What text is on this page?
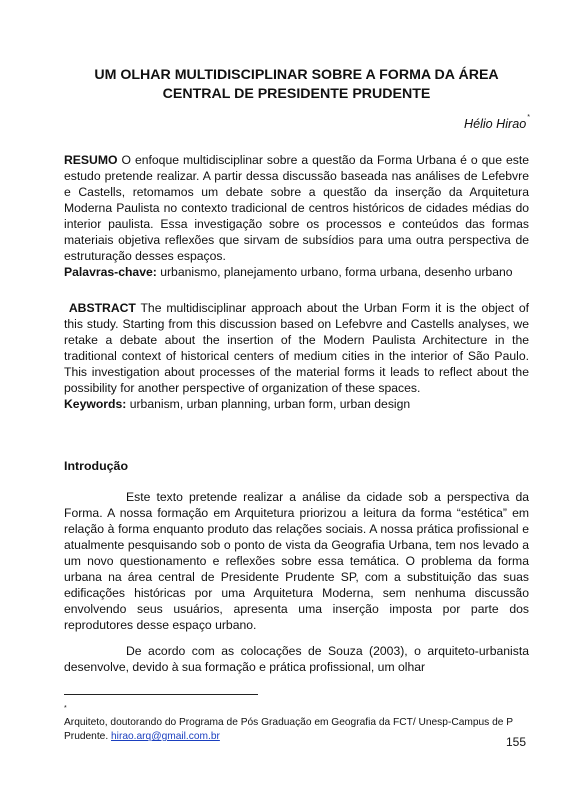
UM OLHAR MULTIDISCIPLINAR SOBRE A FORMA DA ÁREA CENTRAL DE PRESIDENTE PRUDENTE
Hélio Hirao*

RESUMO O enfoque multidisciplinar sobre a questão da Forma Urbana é o que este estudo pretende realizar. A partir dessa discussão baseada nas análises de Lefebvre e Castells, retomamos um debate sobre a questão da inserção da Arquitetura Moderna Paulista no contexto tradicional de centros históricos de cidades médias do interior paulista. Essa investigação sobre os processos e conteúdos das formas materiais objetiva reflexões que sirvam de subsídios para uma outra perspectiva de estruturação desses espaços.
Palavras-chave: urbanismo, planejamento urbano, forma urbana, desenho urbano

ABSTRACT The multidisciplinar approach about the Urban Form it is the object of this study. Starting from this discussion based on Lefebvre and Castells analyses, we retake a debate about the insertion of the Modern Paulista Architecture in the traditional context of historical centers of medium cities in the interior of São Paulo. This investigation about processes of the material forms it leads to reflect about the possibility for another perspective of organization of these spaces.
Keywords: urbanism, urban planning, urban form, urban design

Introdução

Este texto pretende realizar a análise da cidade sob a perspectiva da Forma. A nossa formação em Arquitetura priorizou a leitura da forma “estética” em relação à forma enquanto produto das relações sociais. A nossa prática profissional e atualmente pesquisando sob o ponto de vista da Geografia Urbana, tem nos levado a um novo questionamento e reflexões sobre essa temática. O problema da forma urbana na área central de Presidente Prudente SP, com a substituição das suas edificações históricas por uma Arquitetura Moderna, sem nenhuma discussão envolvendo seus usuários, apresenta uma inserção imposta por parte dos reprodutores desse espaço urbano.

De acordo com as colocações de Souza (2003), o arquiteto-urbanista desenvolve, devido à sua formação e prática profissional, um olhar

*
Arquiteto, doutorando do Programa de Pós Graduação em Geografia da FCT/ Unesp-Campus de P Prudente. hirao.arq@gmail.com.br	155
